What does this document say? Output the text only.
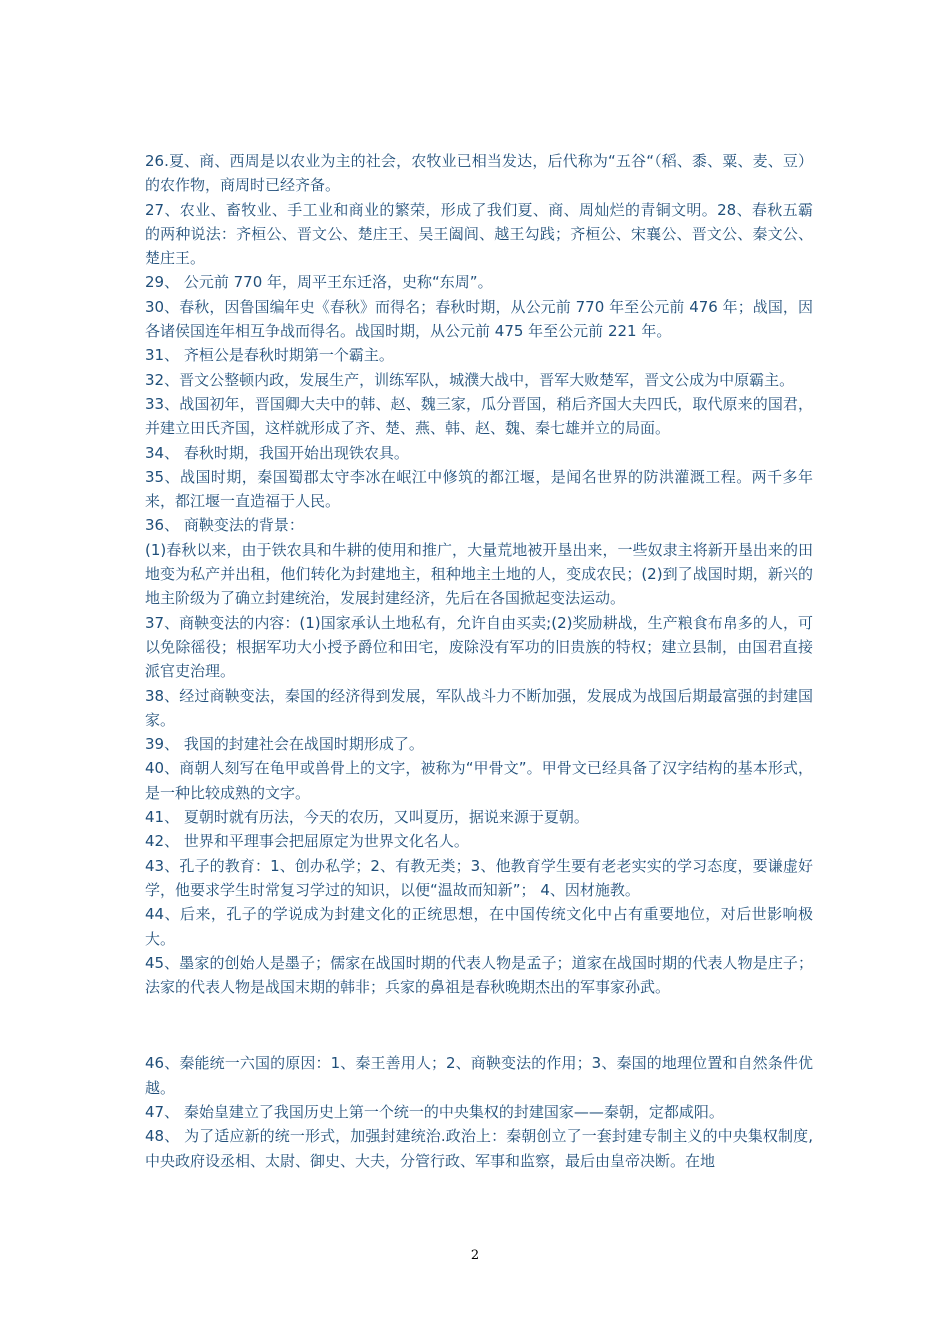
26.夏、商、西周是以农业为主的社会，农牧业已相当发达，后代称为“五谷“（稻、黍、粟、麦、豆）的农作物，商周时已经齐备。

27、农业、畜牧业、手工业和商业的繁荣，形成了我们夏、商、周灿烂的青铜文明。28、春秋五霸的两种说法：齐桓公、晋文公、楚庄王、吴王阖闾、越王勾践；齐桓公、宋襄公、晋文公、秦文公、楚庄王。

29、 公元前 770 年，周平王东迁洛，史称“东周”。

30、春秋，因鲁国编年史《春秋》而得名；春秋时期，从公元前 770 年至公元前 476 年；战国，因各诸侯国连年相互争战而得名。战国时期，从公元前 475 年至公元前 221 年。

31、 齐桓公是春秋时期第一个霸主。

32、晋文公整顿内政，发展生产，训练军队，城濮大战中，晋军大败楚军，晋文公成为中原霸主。

33、战国初年，晋国卿大夫中的韩、赵、魏三家，瓜分晋国，稍后齐国大夫四氏，取代原来的国君，并建立田氏齐国，这样就形成了齐、楚、燕、韩、赵、魏、秦七雄并立的局面。

34、 春秋时期，我国开始出现铁农具。

35、战国时期，秦国蜀郡太守李冰在岷江中修筑的都江堰，是闻名世界的防洪灌溉工程。两千多年来，都江堰一直造福于人民。

36、 商鞅变法的背景：

(1)春秋以来，由于铁农具和牛耕的使用和推广，大量荒地被开垦出来，一些奴隶主将新开垦出来的田地变为私产并出租，他们转化为封建地主，租种地主土地的人，变成农民；(2)到了战国时期，新兴的地主阶级为了确立封建统治，发展封建经济，先后在各国掀起变法运动。

37、商鞅变法的内容：(1)国家承认土地私有，允许自由买卖;(2)奖励耕战，生产粮食布帛多的人，可以免除徭役；根据军功大小授予爵位和田宅，废除没有军功的旧贵族的特权；建立县制，由国君直接派官吏治理。

38、经过商鞅变法，秦国的经济得到发展，军队战斗力不断加强，发展成为战国后期最富强的封建国家。

39、 我国的封建社会在战国时期形成了。

40、商朝人刻写在龟甲或兽骨上的文字，被称为“甲骨文”。甲骨文已经具备了汉字结构的基本形式，是一种比较成熟的文字。

41、 夏朝时就有历法，今天的农历，又叫夏历，据说来源于夏朝。

42、 世界和平理事会把屈原定为世界文化名人。

43、孔子的教育：1、创办私学；2、有教无类；3、他教育学生要有老老实实的学习态度，要谦虚好学，他要求学生时常复习学过的知识，以便“温故而知新”； 4、因材施教。

44、后来，孔子的学说成为封建文化的正统思想，在中国传统文化中占有重要地位，对后世影响极大。

45、墨家的创始人是墨子；儒家在战国时期的代表人物是孟子；道家在战国时期的代表人物是庄子；法家的代表人物是战国末期的韩非；兵家的鼻祖是春秋晚期杰出的军事家孙武。

46、秦能统一六国的原因：1、秦王善用人；2、商鞅变法的作用；3、秦国的地理位置和自然条件优越。

47、 秦始皇建立了我国历史上第一个统一的中央集权的封建国家——秦朝，定都咸阳。

48、 为了适应新的统一形式，加强封建统治.政治上：秦朝创立了一套封建专制主义的中央集权制度,中央政府设丞相、太尉、御史、大夫，分管行政、军事和监察，最后由皇帝决断。在地

2
